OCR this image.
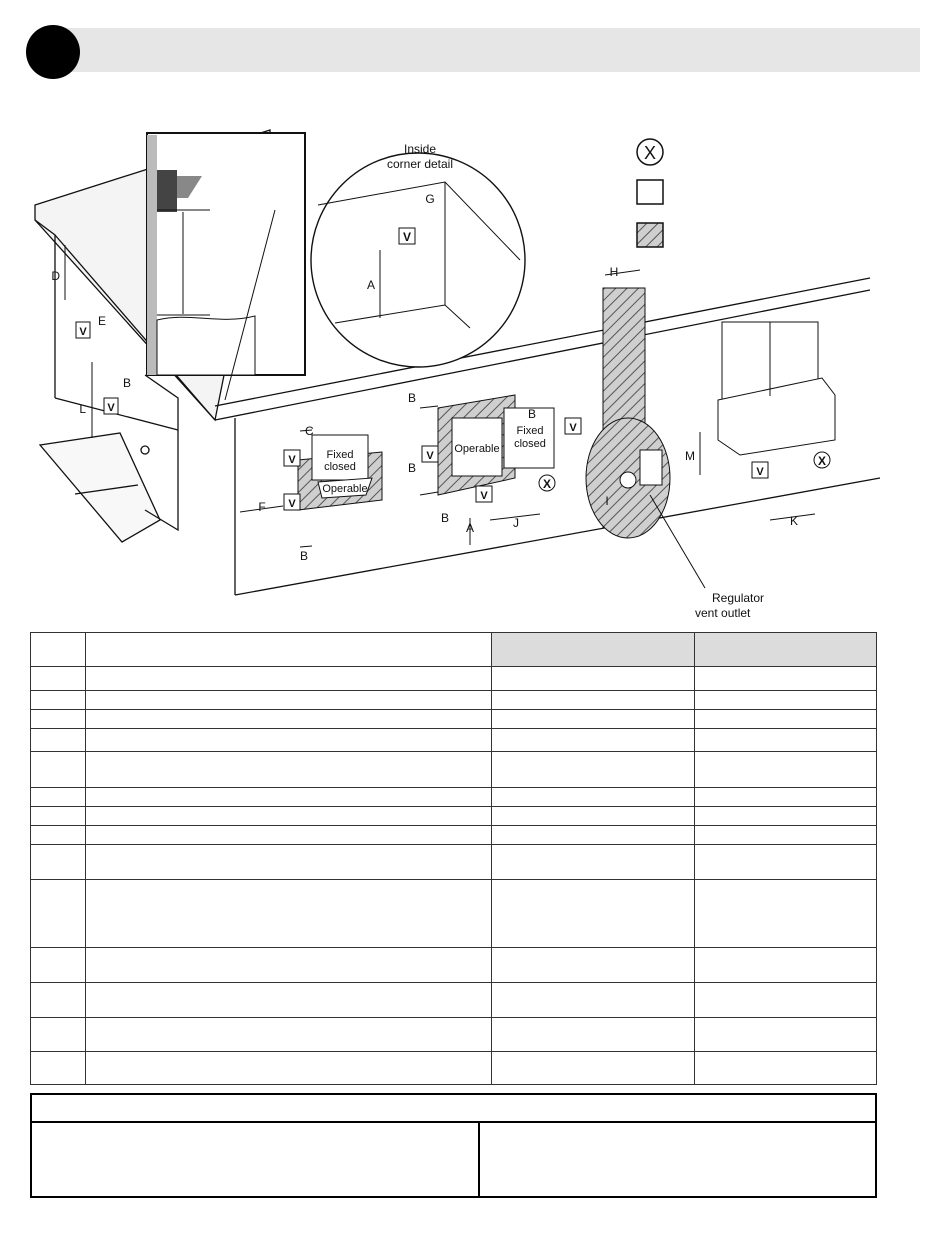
V
A
G
Inside
corner detail
X
Fixed
closed
Operable
Operable
Fixed
closed
Regulator
vent outlet
V
V
V
V
V
V
V
V
X
X
D
E
B
L
F
C
B
B
B
B
B
A	J
H
I
M
K
